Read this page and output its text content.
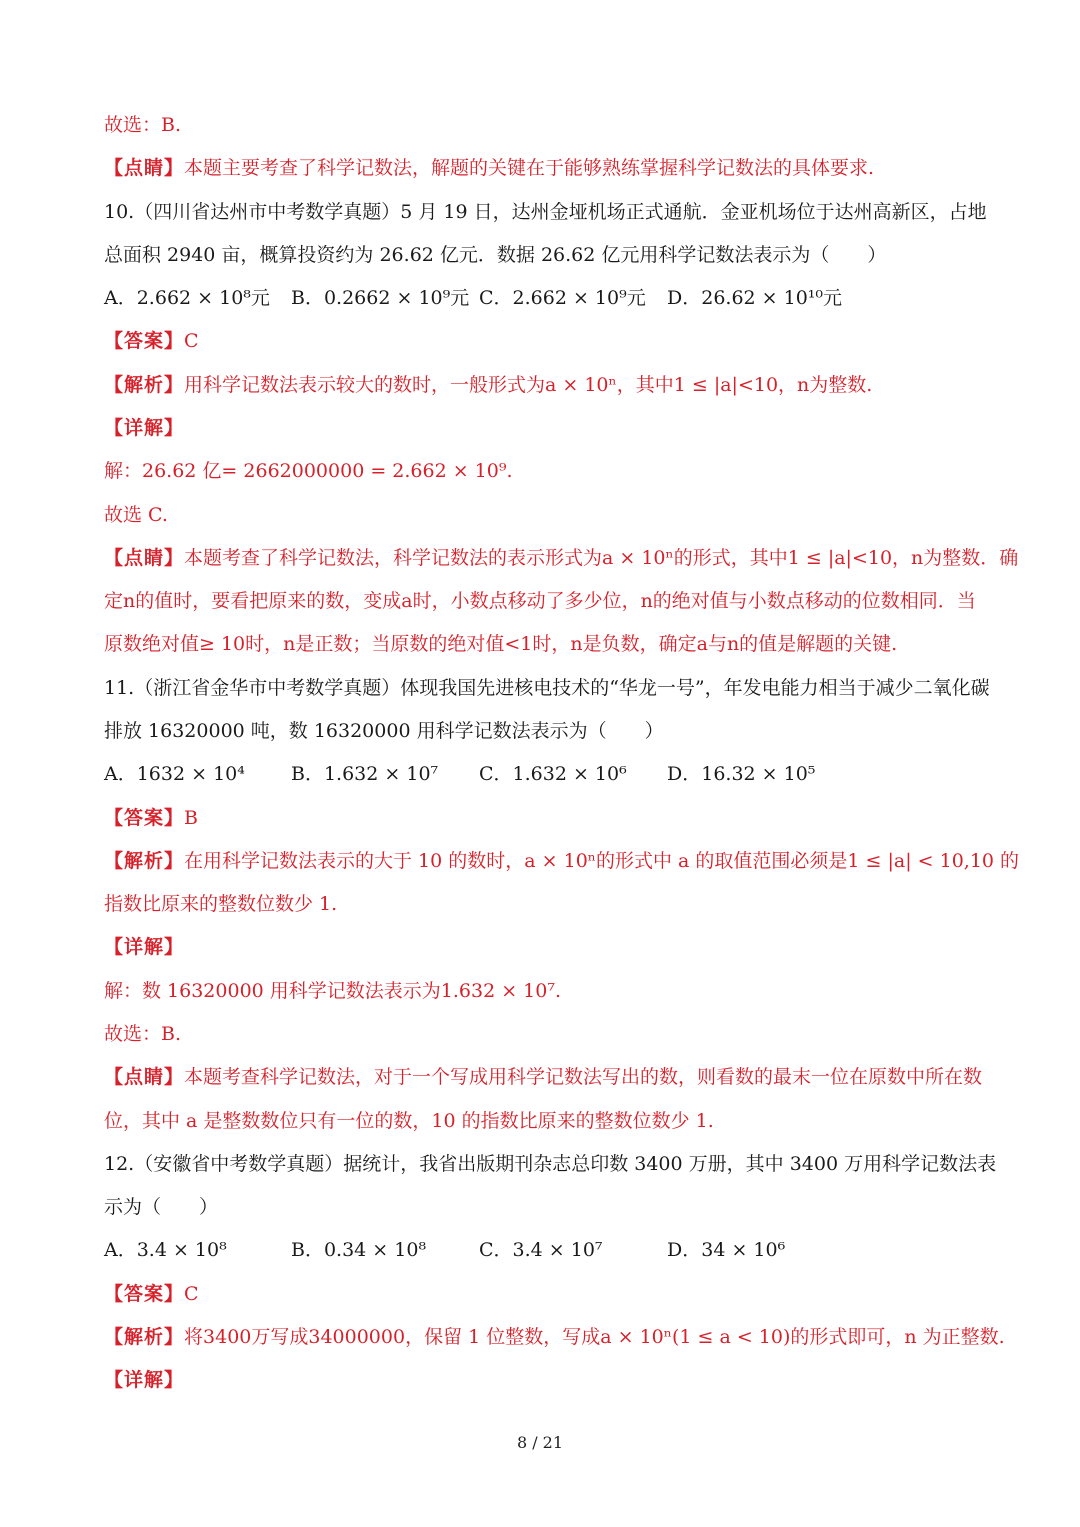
故选：B.
【点睛】本题主要考查了科学记数法，解题的关键在于能够熟练掌握科学记数法的具体要求.
10.（四川省达州市中考数学真题）5 月 19 日，达州金垭机场正式通航．金亚机场位于达州高新区，占地
总面积 2940 亩，概算投资约为 26.62 亿元．数据 26.62 亿元用科学记数法表示为（　　）
A．2.662 × 10⁸元 B．0.2662 × 10⁹元 C．2.662 × 10⁹元 D．26.62 × 10¹⁰元
【答案】C
【解析】用科学记数法表示较大的数时，一般形式为a × 10ⁿ，其中1 ≤ |a|<10，n为整数.
【详解】
解：26.62 亿= 2662000000 = 2.662 × 10⁹.
故选 C.
【点睛】本题考查了科学记数法，科学记数法的表示形式为a × 10ⁿ的形式，其中1 ≤ |a|<10，n为整数．确
定n的值时，要看把原来的数，变成a时，小数点移动了多少位，n的绝对值与小数点移动的位数相同．当
原数绝对值≥ 10时，n是正数；当原数的绝对值<1时，n是负数，确定a与n的值是解题的关键.
11.（浙江省金华市中考数学真题）体现我国先进核电技术的“华龙一号”，年发电能力相当于减少二氧化碳
排放 16320000 吨，数 16320000 用科学记数法表示为（　　）
A．1632 × 10⁴ B．1.632 × 10⁷ C．1.632 × 10⁶ D．16.32 × 10⁵
【答案】B
【解析】在用科学记数法表示的大于 10 的数时，a × 10ⁿ的形式中 a 的取值范围必须是1 ≤ |a| < 10,10 的
指数比原来的整数位数少 1.
【详解】
解：数 16320000 用科学记数法表示为1.632 × 10⁷.
故选：B.
【点睛】本题考查科学记数法，对于一个写成用科学记数法写出的数，则看数的最末一位在原数中所在数
位，其中 a 是整数数位只有一位的数，10 的指数比原来的整数位数少 1.
12.（安徽省中考数学真题）据统计，我省出版期刊杂志总印数 3400 万册，其中 3400 万用科学记数法表
示为（　　）
A．3.4 × 10⁸	B．0.34 × 10⁸	C．3.4 × 10⁷	D．34 × 10⁶
【答案】C
【解析】将3400万写成34000000，保留 1 位整数，写成a × 10ⁿ(1 ≤ a < 10)的形式即可，n 为正整数.
【详解】
8 / 21
